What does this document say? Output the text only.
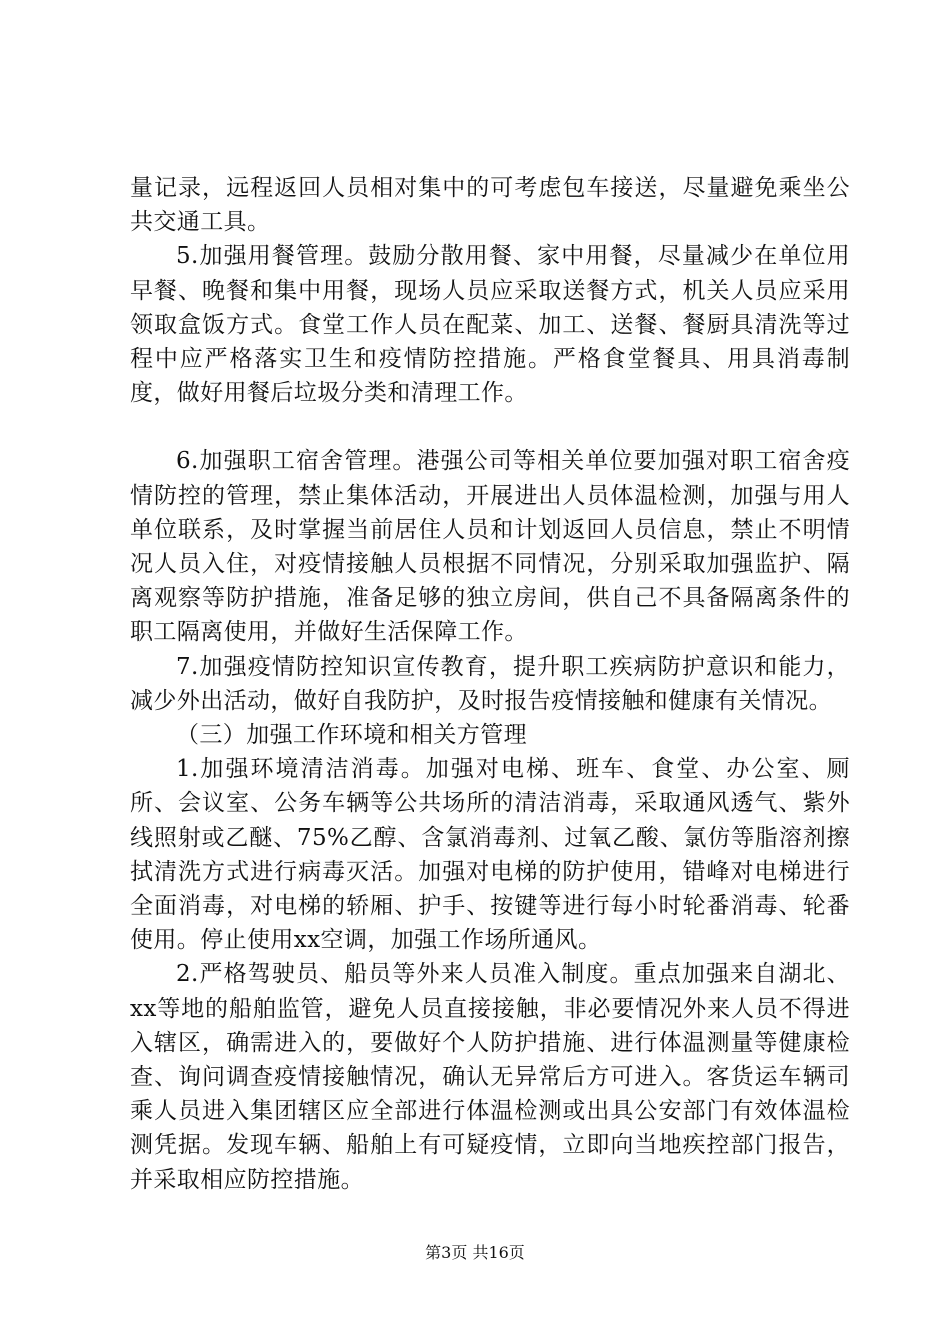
量记录，远程返回人员相对集中的可考虑包车接送，尽量避免乘坐公共交通工具。

5.加强用餐管理。鼓励分散用餐、家中用餐，尽量减少在单位用早餐、晚餐和集中用餐，现场人员应采取送餐方式，机关人员应采用领取盒饭方式。食堂工作人员在配菜、加工、送餐、餐厨具清洗等过程中应严格落实卫生和疫情防控措施。严格食堂餐具、用具消毒制度，做好用餐后垃圾分类和清理工作。

6.加强职工宿舍管理。港强公司等相关单位要加强对职工宿舍疫情防控的管理，禁止集体活动，开展进出人员体温检测，加强与用人单位联系，及时掌握当前居住人员和计划返回人员信息，禁止不明情况人员入住，对疫情接触人员根据不同情况，分别采取加强监护、隔离观察等防护措施，准备足够的独立房间，供自己不具备隔离条件的职工隔离使用，并做好生活保障工作。

7.加强疫情防控知识宣传教育，提升职工疾病防护意识和能力，减少外出活动，做好自我防护，及时报告疫情接触和健康有关情况。

（三）加强工作环境和相关方管理

1.加强环境清洁消毒。加强对电梯、班车、食堂、办公室、厕所、会议室、公务车辆等公共场所的清洁消毒，采取通风透气、紫外线照射或乙醚、75%乙醇、含氯消毒剂、过氧乙酸、氯仿等脂溶剂擦拭清洗方式进行病毒灭活。加强对电梯的防护使用，错峰对电梯进行全面消毒，对电梯的轿厢、护手、按键等进行每小时轮番消毒、轮番使用。停止使用xx空调，加强工作场所通风。

2.严格驾驶员、船员等外来人员准入制度。重点加强来自湖北、xx等地的船舶监管，避免人员直接接触，非必要情况外来人员不得进入辖区，确需进入的，要做好个人防护措施、进行体温测量等健康检查、询问调查疫情接触情况，确认无异常后方可进入。客货运车辆司乘人员进入集团辖区应全部进行体温检测或出具公安部门有效体温检测凭据。发现车辆、船舶上有可疑疫情，立即向当地疾控部门报告，并采取相应防控措施。

第3页 共16页
